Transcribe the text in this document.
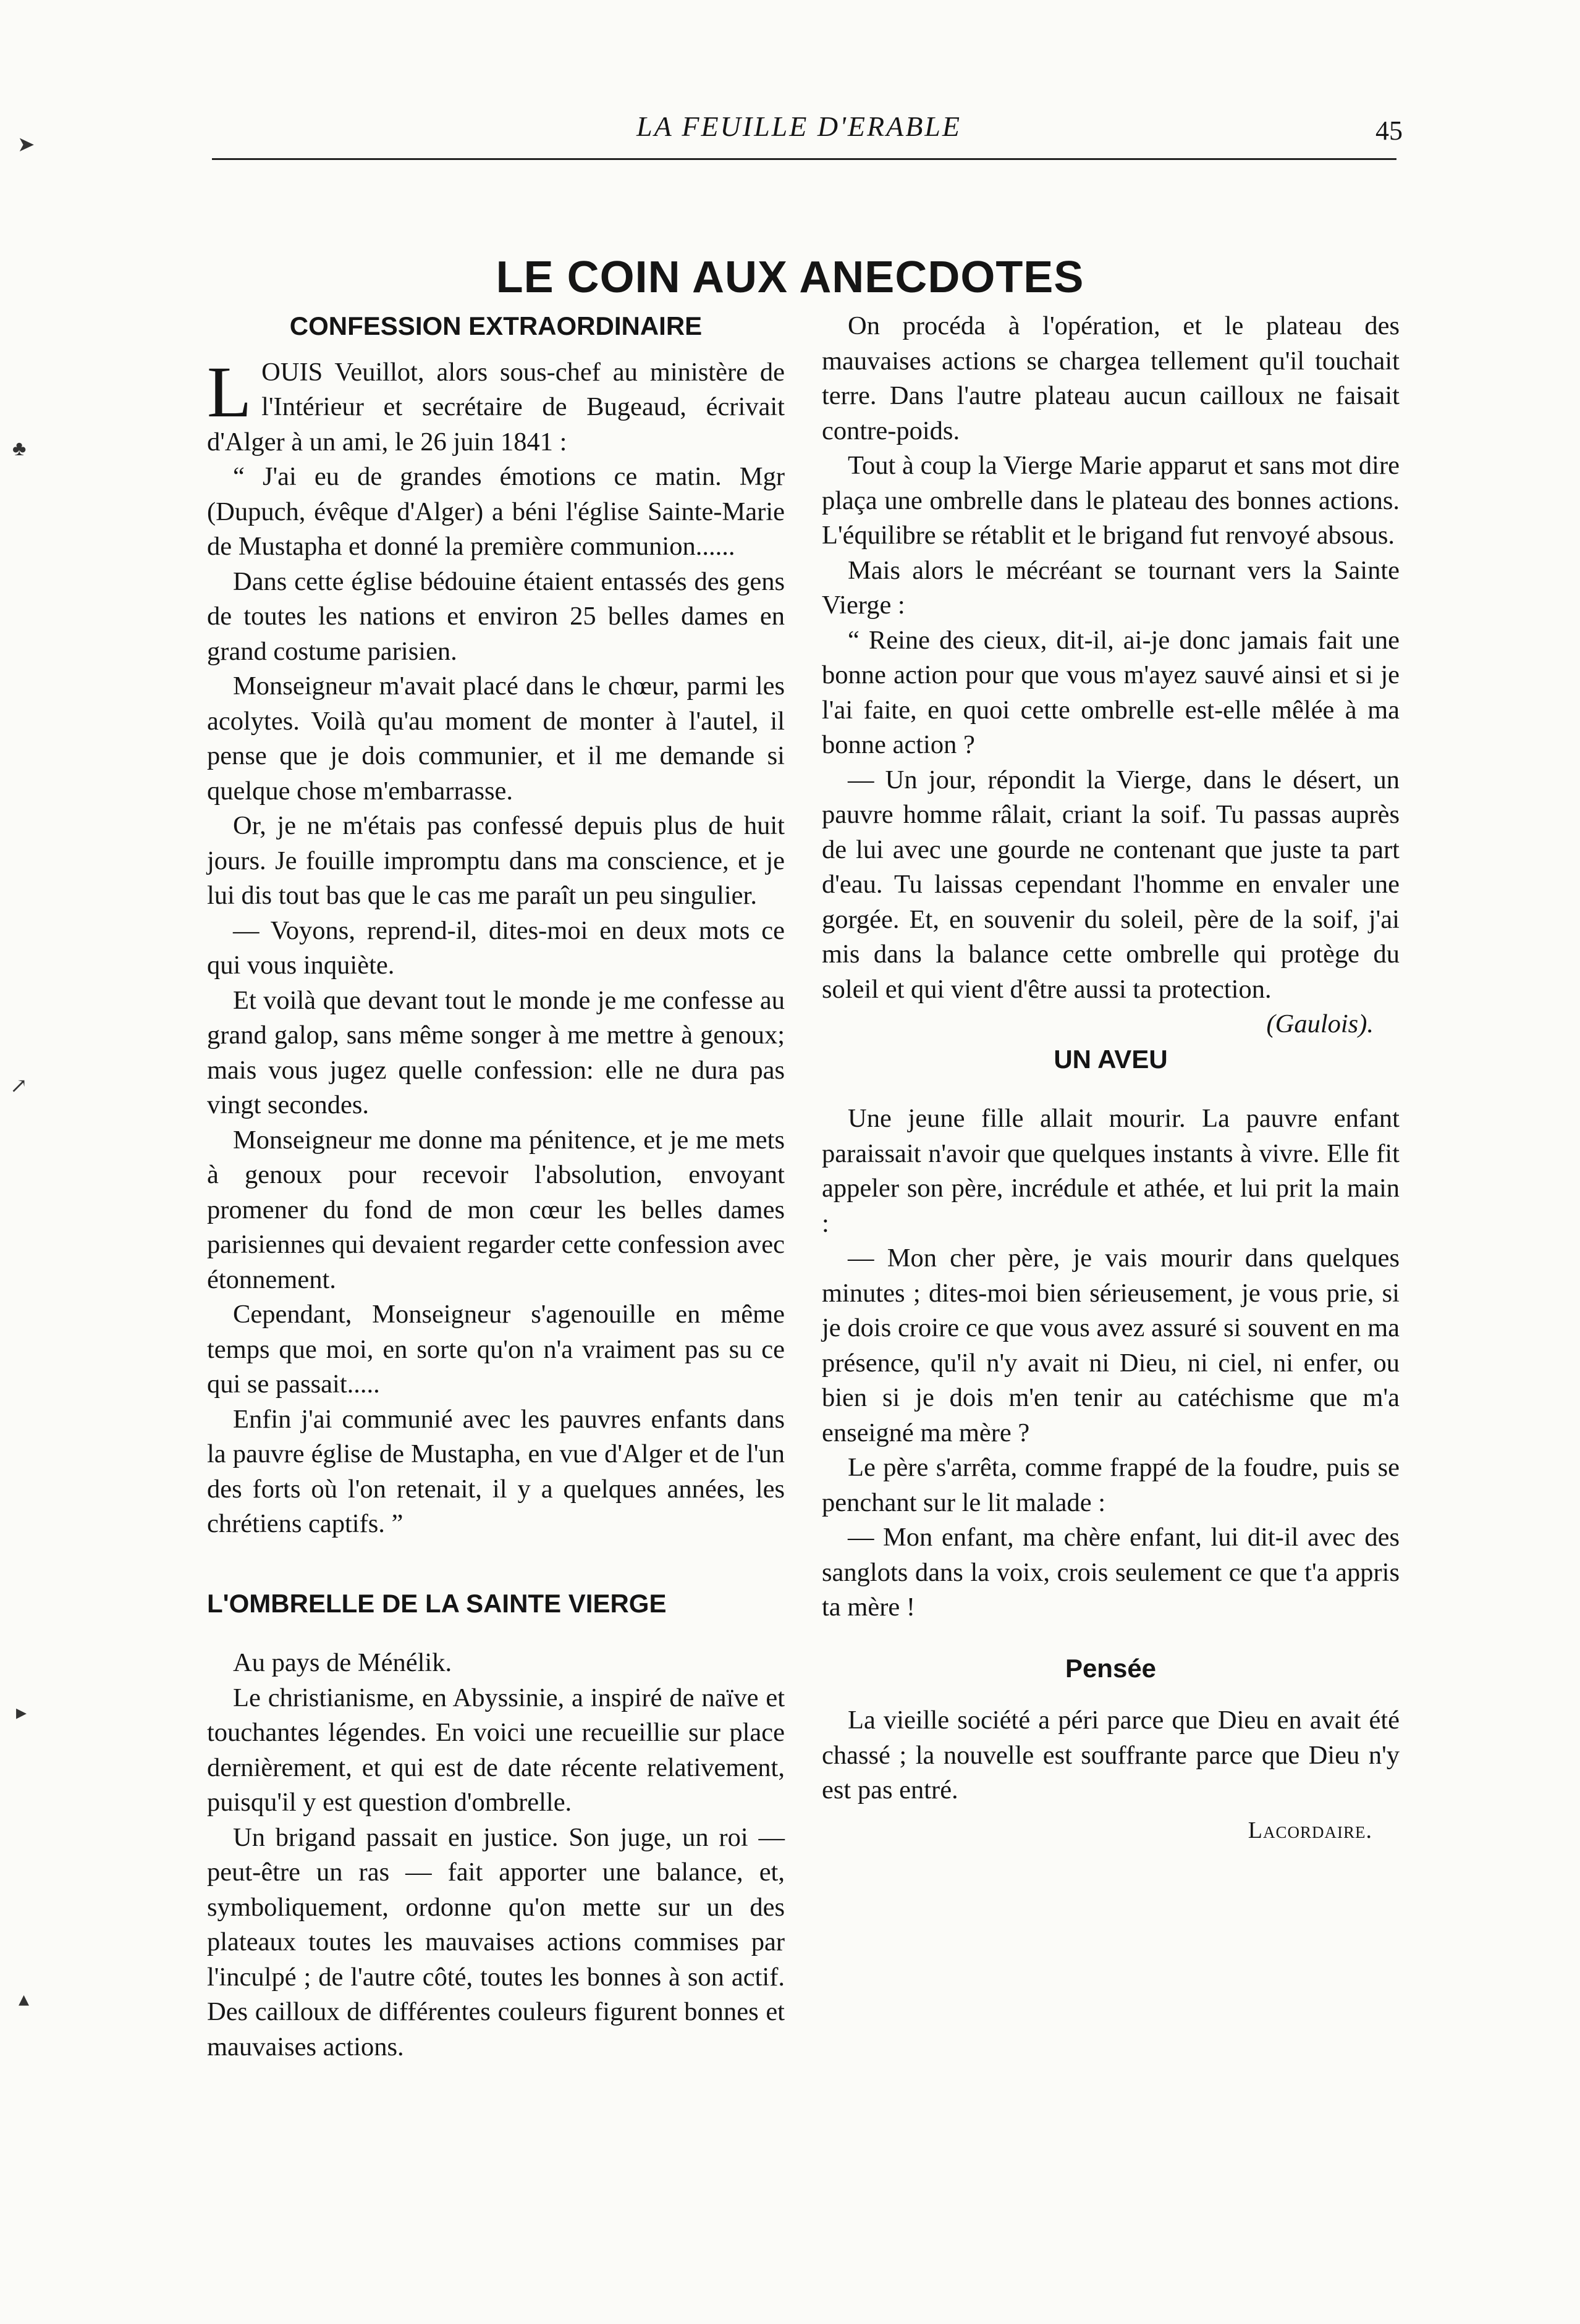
LA FEUILLE D'ERABLE	45
LE COIN AUX ANECDOTES
➤
♣
↗
▸
▴
CONFESSION EXTRAORDINAIRE

LOUIS Veuillot, alors sous-chef au ministère de l'Intérieur et secrétaire de Bugeaud, écrivait d'Alger à un ami, le 26 juin 1841 :

“ J'ai eu de grandes émotions ce matin. Mgr (Dupuch, évêque d'Alger) a béni l'église Sainte-Marie de Mustapha et donné la première communion......

Dans cette église bédouine étaient entassés des gens de toutes les nations et environ 25 belles dames en grand costume parisien.

Monseigneur m'avait placé dans le chœur, parmi les acolytes. Voilà qu'au moment de monter à l'autel, il pense que je dois communier, et il me demande si quelque chose m'embarrasse.

Or, je ne m'étais pas confessé depuis plus de huit jours. Je fouille impromptu dans ma conscience, et je lui dis tout bas que le cas me paraît un peu singulier.

— Voyons, reprend-il, dites-moi en deux mots ce qui vous inquiète.

Et voilà que devant tout le monde je me confesse au grand galop, sans même songer à me mettre à genoux; mais vous jugez quelle confession: elle ne dura pas vingt secondes.

Monseigneur me donne ma pénitence, et je me mets à genoux pour recevoir l'absolution, envoyant promener du fond de mon cœur les belles dames parisiennes qui devaient regarder cette confession avec étonnement.

Cependant, Monseigneur s'agenouille en même temps que moi, en sorte qu'on n'a vraiment pas su ce qui se passait.....

Enfin j'ai communié avec les pauvres enfants dans la pauvre église de Mustapha, en vue d'Alger et de l'un des forts où l'on retenait, il y a quelques années, les chrétiens captifs. ”

L'OMBRELLE DE LA SAINTE VIERGE

Au pays de Ménélik.

Le christianisme, en Abyssinie, a inspiré de naïve et touchantes légendes. En voici une recueillie sur place dernièrement, et qui est de date récente relativement, puisqu'il y est question d'ombrelle.

Un brigand passait en justice. Son juge, un roi — peut-être un ras — fait apporter une balance, et, symboliquement, ordonne qu'on mette sur un des plateaux toutes les mauvaises actions commises par l'inculpé ; de l'autre côté, toutes les bonnes à son actif. Des cailloux de différentes couleurs figurent bonnes et mauvaises actions.

On procéda à l'opération, et le plateau des mauvaises actions se chargea tellement qu'il touchait terre. Dans l'autre plateau aucun cailloux ne faisait contre-poids.

Tout à coup la Vierge Marie apparut et sans mot dire plaça une ombrelle dans le plateau des bonnes actions. L'équilibre se rétablit et le brigand fut renvoyé absous.

Mais alors le mécréant se tournant vers la Sainte Vierge :

“ Reine des cieux, dit-il, ai-je donc jamais fait une bonne action pour que vous m'ayez sauvé ainsi et si je l'ai faite, en quoi cette ombrelle est-elle mêlée à ma bonne action ?

— Un jour, répondit la Vierge, dans le désert, un pauvre homme râlait, criant la soif. Tu passas auprès de lui avec une gourde ne contenant que juste ta part d'eau. Tu laissas cependant l'homme en envaler une gorgée. Et, en souvenir du soleil, père de la soif, j'ai mis dans la balance cette ombrelle qui protège du soleil et qui vient d'être aussi ta protection.
(Gaulois).

UN AVEU

Une jeune fille allait mourir. La pauvre enfant paraissait n'avoir que quelques instants à vivre. Elle fit appeler son père, incrédule et athée, et lui prit la main :

— Mon cher père, je vais mourir dans quelques minutes ; dites-moi bien sérieusement, je vous prie, si je dois croire ce que vous avez assuré si souvent en ma présence, qu'il n'y avait ni Dieu, ni ciel, ni enfer, ou bien si je dois m'en tenir au catéchisme que m'a enseigné ma mère ?

Le père s'arrêta, comme frappé de la foudre, puis se penchant sur le lit malade :

— Mon enfant, ma chère enfant, lui dit-il avec des sanglots dans la voix, crois seulement ce que t'a appris ta mère !

Pensée

La vieille société a péri parce que Dieu en avait été chassé ; la nouvelle est souffrante parce que Dieu n'y est pas entré.

Lacordaire.
